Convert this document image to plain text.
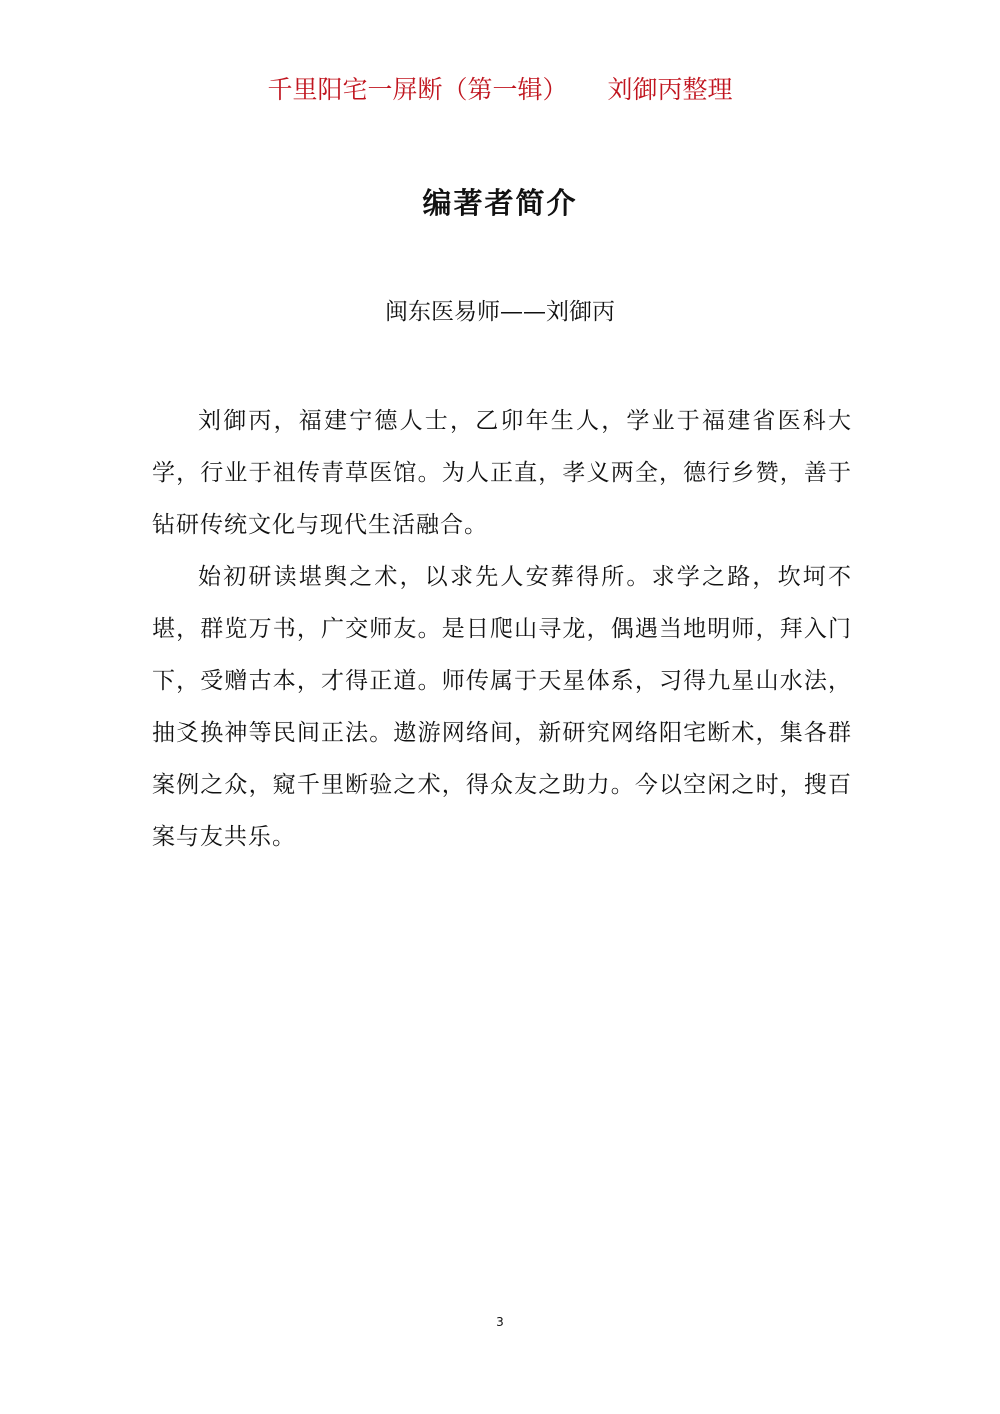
千里阳宅一屏断（第一辑） 刘御丙整理
编著者简介
闽东医易师——刘御丙

刘御丙，福建宁德人士，乙卯年生人，学业于福建省医科大学，行业于祖传青草医馆。为人正直，孝义两全，德行乡赞，善于钻研传统文化与现代生活融合。

始初研读堪舆之术，以求先人安葬得所。求学之路，坎坷不堪，群览万书，广交师友。是日爬山寻龙，偶遇当地明师，拜入门下，受赠古本，才得正道。师传属于天星体系，习得九星山水法，抽爻换神等民间正法。遨游网络间，新研究网络阳宅断术，集各群案例之众，窥千里断验之术，得众友之助力。今以空闲之时，搜百案与友共乐。

3
